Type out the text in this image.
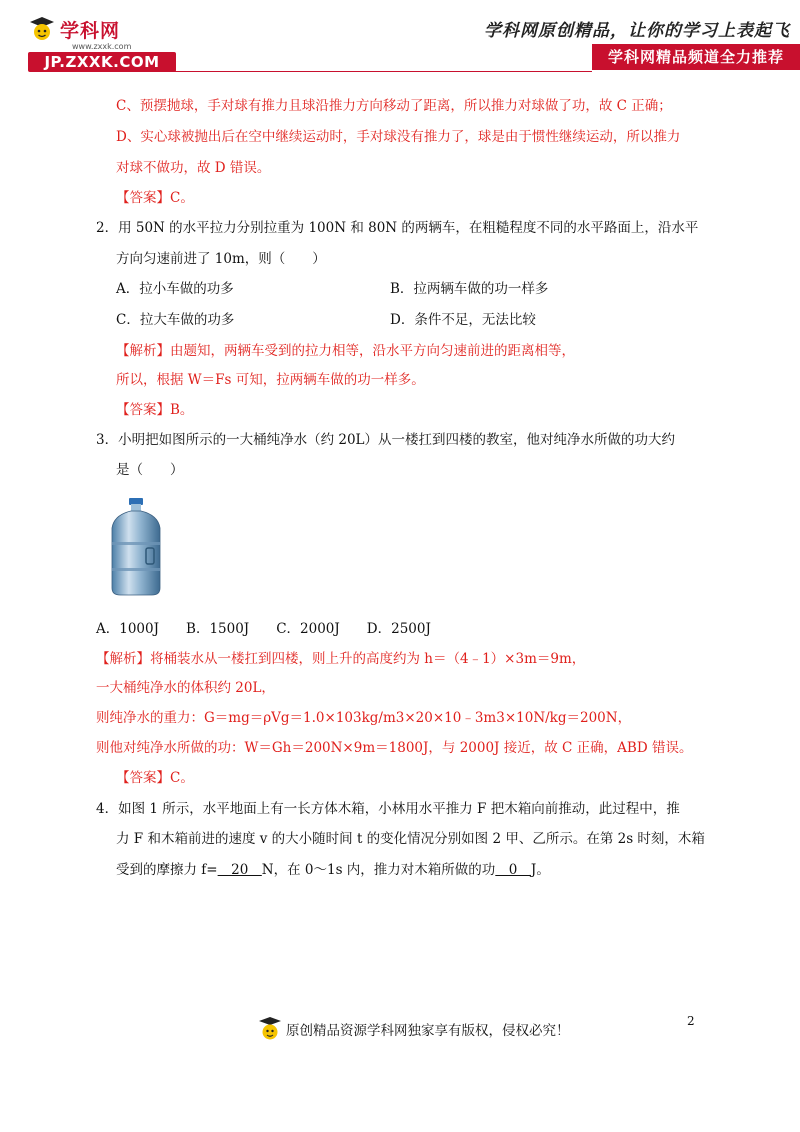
学科网
www.zxxk.com
JP.ZXXK.COM
学科网原创精品，让你的学习上表起飞
学科网精品频道全力推荐
C、预摆抛球，手对球有推力且球沿推力方向移动了距离，所以推力对球做了功，故 C 正确；
D、实心球被抛出后在空中继续运动时，手对球没有推力了，球是由于惯性继续运动，所以推力
对球不做功，故 D 错误。
【答案】C。
2．用 50N 的水平拉力分别拉重为 100N 和 80N 的两辆车，在粗糙程度不同的水平路面上，沿水平
方向匀速前进了 10m，则（　　）
A．拉小车做的功多	B．拉两辆车做的功一样多
C．拉大车做的功多	D．条件不足，无法比较
【解析】由题知，两辆车受到的拉力相等，沿水平方向匀速前进的距离相等，
所以，根据 W＝Fs 可知，拉两辆车做的功一样多。
【答案】B。
3．小明把如图所示的一大桶纯净水（约 20L）从一楼扛到四楼的教室，他对纯净水所做的功大约
是（　　）
A．1000J　　B．1500J　　C．2000J　　D．2500J
【解析】将桶装水从一楼扛到四楼，则上升的高度约为 h＝（4﹣1）×3m＝9m，
一大桶纯净水的体积约 20L，
则纯净水的重力：G＝mg＝ρVg＝1.0×103kg/m3×20×10﹣3m3×10N/kg＝200N，
则他对纯净水所做的功：W＝Gh＝200N×9m＝1800J，与 2000J 接近，故 C 正确，ABD 错误。
【答案】C。
4．如图 1 所示，水平地面上有一长方体木箱，小林用水平推力 F 把木箱向前推动，此过程中，推
力 F 和木箱前进的速度 v 的大小随时间 t 的变化情况分别如图 2 甲、乙所示。在第 2s 时刻，木箱
受到的摩擦力 f=　20　N，在 0～1s 内，推力对木箱所做的功　0　J。
原创精品资源学科网独家享有版权，侵权必究！
2
